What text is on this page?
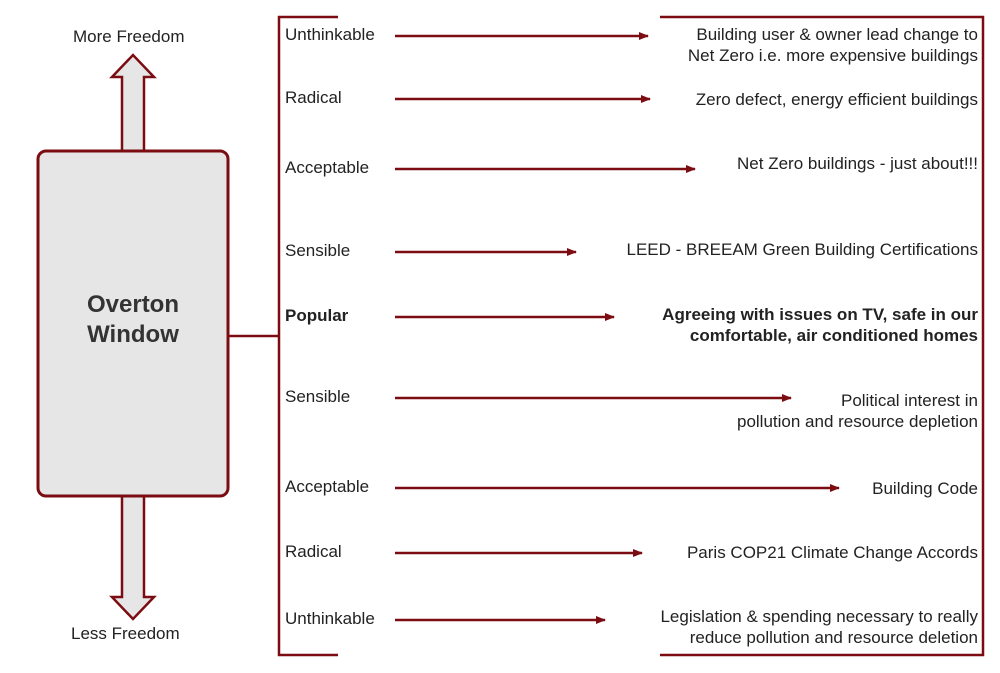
More Freedom
Less Freedom
Overton
Window
Unthinkable	Building user & owner lead change to
Net Zero i.e. more expensive buildings
Radical	Zero defect, energy efficient buildings
Acceptable	Net Zero buildings - just about!!!
Sensible	LEED - BREEAM Green Building Certifications
Popular	Agreeing with issues on TV, safe in our
comfortable, air conditioned homes
Sensible	Political interest in
pollution and resource depletion
Acceptable	Building Code
Radical	Paris COP21 Climate Change Accords
Unthinkable	Legislation & spending necessary to really
reduce pollution and resource deletion
